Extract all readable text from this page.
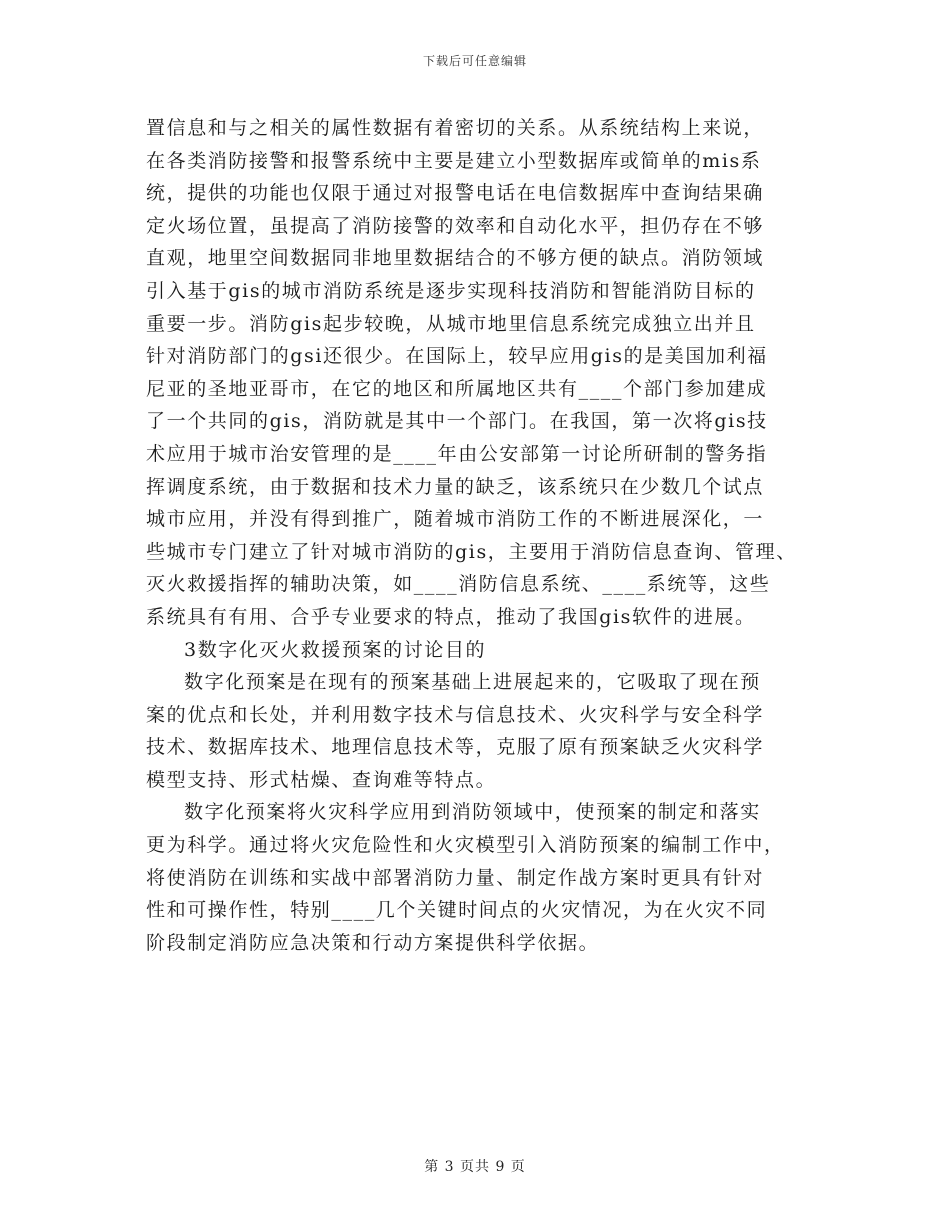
下载后可任意编辑
置信息和与之相关的属性数据有着密切的关系。从系统结构上来说，
在各类消防接警和报警系统中主要是建立小型数据库或简单的mis系
统，提供的功能也仅限于通过对报警电话在电信数据库中查询结果确
定火场位置，虽提高了消防接警的效率和自动化水平，担仍存在不够
直观，地里空间数据同非地里数据结合的不够方便的缺点。消防领域
引入基于gis的城市消防系统是逐步实现科技消防和智能消防目标的
重要一步。消防gis起步较晚，从城市地里信息系统完成独立出并且
针对消防部门的gsi还很少。在国际上，较早应用gis的是美国加利福
尼亚的圣地亚哥市，在它的地区和所属地区共有____个部门参加建成
了一个共同的gis，消防就是其中一个部门。在我国，第一次将gis技
术应用于城市治安管理的是____年由公安部第一讨论所研制的警务指
挥调度系统，由于数据和技术力量的缺乏，该系统只在少数几个试点
城市应用，并没有得到推广，随着城市消防工作的不断进展深化，一
些城市专门建立了针对城市消防的gis，主要用于消防信息查询、管理、
灭火救援指挥的辅助决策，如____消防信息系统、____系统等，这些
系统具有有用、合乎专业要求的特点，推动了我国gis软件的进展。
3数字化灭火救援预案的讨论目的
数字化预案是在现有的预案基础上进展起来的，它吸取了现在预
案的优点和长处，并利用数字技术与信息技术、火灾科学与安全科学
技术、数据库技术、地理信息技术等，克服了原有预案缺乏火灾科学
模型支持、形式枯燥、查询难等特点。
数字化预案将火灾科学应用到消防领域中，使预案的制定和落实
更为科学。通过将火灾危险性和火灾模型引入消防预案的编制工作中，
将使消防在训练和实战中部署消防力量、制定作战方案时更具有针对
性和可操作性，特别____几个关键时间点的火灾情况，为在火灾不同
阶段制定消防应急决策和行动方案提供科学依据。
第 3 页共 9 页
